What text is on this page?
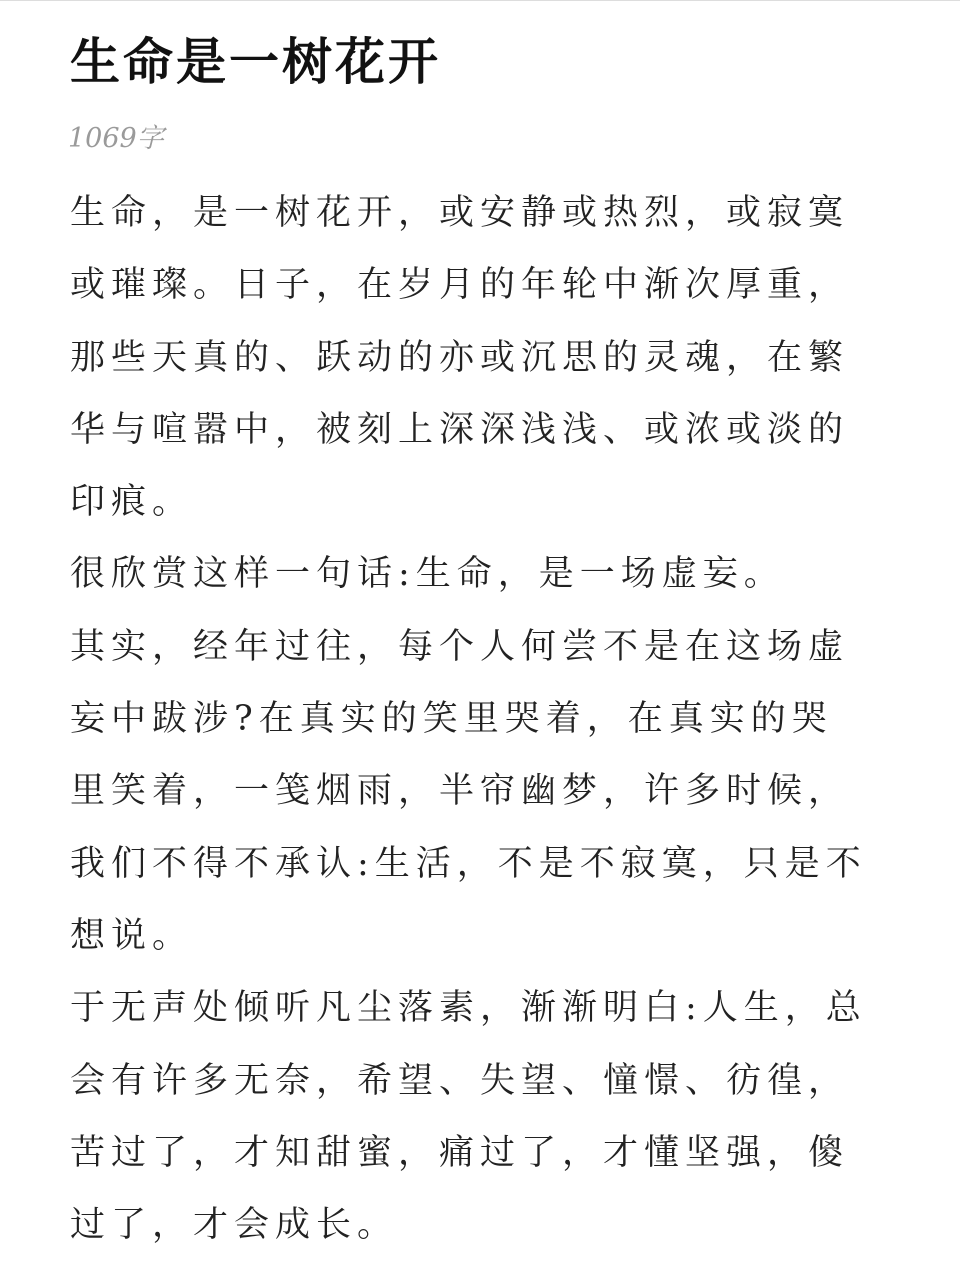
生命是一树花开
1069字
生命，是一树花开，或安静或热烈，或寂寞
或璀璨。日子，在岁月的年轮中渐次厚重，
那些天真的、跃动的亦或沉思的灵魂，在繁
华与喧嚣中，被刻上深深浅浅、或浓或淡的
印痕。
很欣赏这样一句话:生命，是一场虚妄。
其实，经年过往，每个人何尝不是在这场虚
妄中跋涉?在真实的笑里哭着，在真实的哭
里笑着，一笺烟雨，半帘幽梦，许多时候，
我们不得不承认:生活，不是不寂寞，只是不
想说。
于无声处倾听凡尘落素，渐渐明白:人生，总
会有许多无奈，希望、失望、憧憬、彷徨，
苦过了，才知甜蜜，痛过了，才懂坚强，傻
过了，才会成长。
